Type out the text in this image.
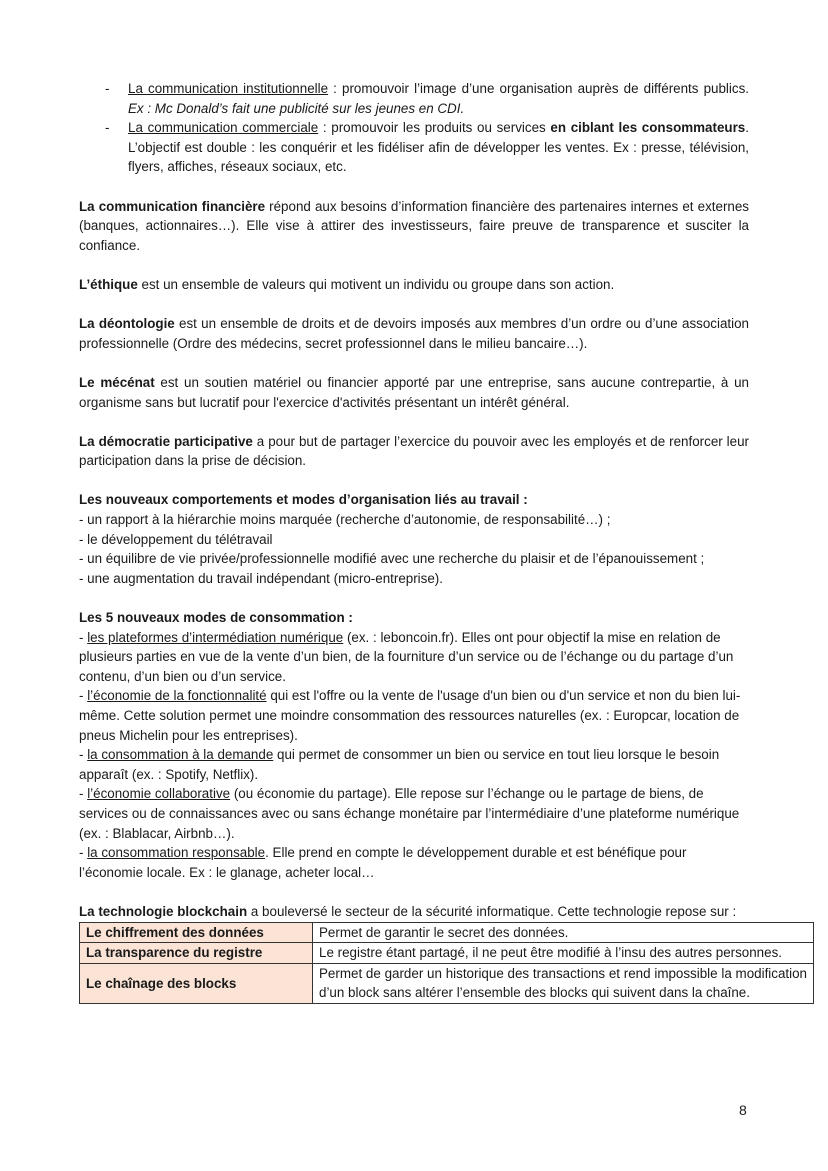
- La communication institutionnelle : promouvoir l’image d’une organisation auprès de différents publics. Ex : Mc Donald’s fait une publicité sur les jeunes en CDI.
- La communication commerciale : promouvoir les produits ou services en ciblant les consommateurs. L’objectif est double : les conquérir et les fidéliser afin de développer les ventes. Ex : presse, télévision, flyers, affiches, réseaux sociaux, etc.

La communication financière répond aux besoins d’information financière des partenaires internes et externes (banques, actionnaires…). Elle vise à attirer des investisseurs, faire preuve de transparence et susciter la confiance.

L’éthique est un ensemble de valeurs qui motivent un individu ou groupe dans son action.

La déontologie est un ensemble de droits et de devoirs imposés aux membres d’un ordre ou d’une association professionnelle (Ordre des médecins, secret professionnel dans le milieu bancaire…).

Le mécénat est un soutien matériel ou financier apporté par une entreprise, sans aucune contrepartie, à un organisme sans but lucratif pour l'exercice d'activités présentant un intérêt général.

La démocratie participative a pour but de partager l’exercice du pouvoir avec les employés et de renforcer leur participation dans la prise de décision.

Les nouveaux comportements et modes d’organisation liés au travail :

- un rapport à la hiérarchie moins marquée (recherche d’autonomie, de responsabilité…) ;

- le développement du télétravail

- un équilibre de vie privée/professionnelle modifié avec une recherche du plaisir et de l’épanouissement ;

- une augmentation du travail indépendant (micro-entreprise).

Les 5 nouveaux modes de consommation :

- les plateformes d’intermédiation numérique (ex. : leboncoin.fr). Elles ont pour objectif la mise en relation de plusieurs parties en vue de la vente d’un bien, de la fourniture d’un service ou de l’échange ou du partage d’un contenu, d’un bien ou d’un service.

- l’économie de la fonctionnalité qui est l'offre ou la vente de l'usage d'un bien ou d'un service et non du bien lui-même. Cette solution permet une moindre consommation des ressources naturelles (ex. : Europcar, location de pneus Michelin pour les entreprises).

- la consommation à la demande qui permet de consommer un bien ou service en tout lieu lorsque le besoin apparaît (ex. : Spotify, Netflix).

- l’économie collaborative (ou économie du partage). Elle repose sur l’échange ou le partage de biens, de services ou de connaissances avec ou sans échange monétaire par l’intermédiaire d’une plateforme numérique (ex. : Blablacar, Airbnb…).

- la consommation responsable. Elle prend en compte le développement durable et est bénéfique pour l’économie locale. Ex : le glanage, acheter local…

La technologie blockchain a bouleversé le secteur de la sécurité informatique. Cette technologie repose sur :

Le chiffrement des données	Permet de garantir le secret des données.
La transparence du registre	Le registre étant partagé, il ne peut être modifié à l’insu des autres personnes.
Le chaînage des blocks	Permet de garder un historique des transactions et rend impossible la modification d’un block sans altérer l’ensemble des blocks qui suivent dans la chaîne.
8
